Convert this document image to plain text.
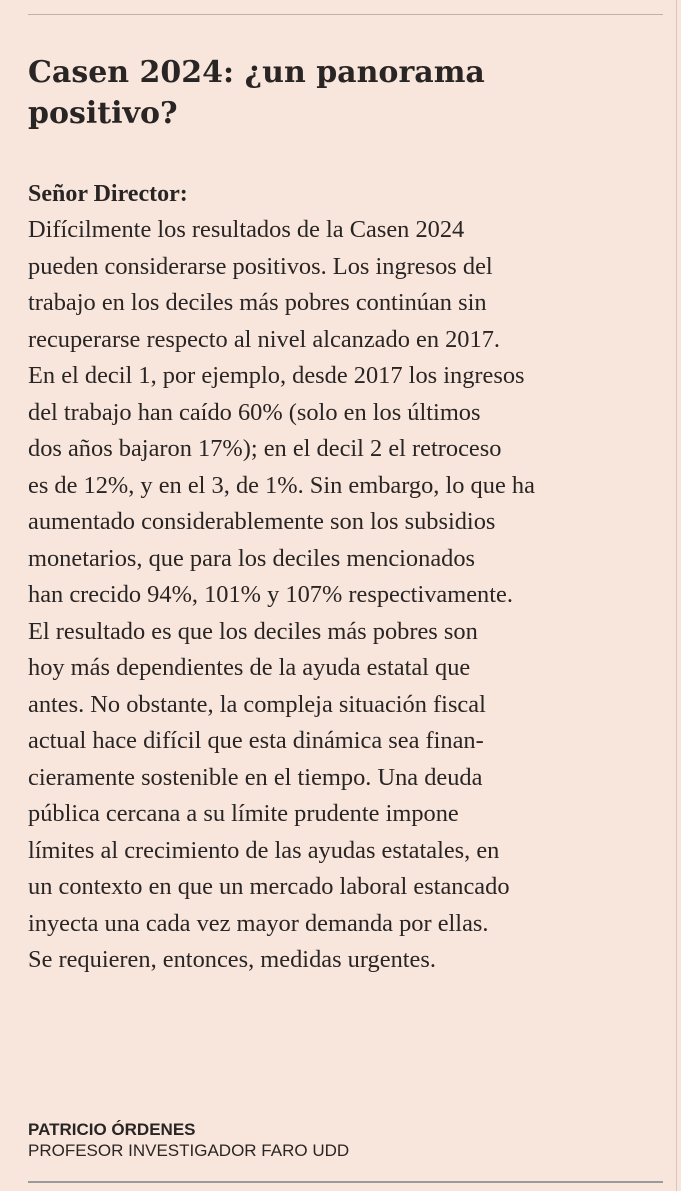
Casen 2024: ¿un panorama positivo?

Señor Director:

Difícilmente los resultados de la Casen 2024
pueden considerarse positivos. Los ingresos del
trabajo en los deciles más pobres continúan sin
recuperarse respecto al nivel alcanzado en 2017.
En el decil 1, por ejemplo, desde 2017 los ingresos
del trabajo han caído 60% (solo en los últimos
dos años bajaron 17%); en el decil 2 el retroceso
es de 12%, y en el 3, de 1%. Sin embargo, lo que ha
aumentado considerablemente son los subsidios
monetarios, que para los deciles mencionados
han crecido 94%, 101% y 107% respectivamente.
El resultado es que los deciles más pobres son
hoy más dependientes de la ayuda estatal que
antes. No obstante, la compleja situación fiscal
actual hace difícil que esta dinámica sea finan-
cieramente sostenible en el tiempo. Una deuda
pública cercana a su límite prudente impone
límites al crecimiento de las ayudas estatales, en
un contexto en que un mercado laboral estancado
inyecta una cada vez mayor demanda por ellas.
Se requieren, entonces, medidas urgentes.

PATRICIO ÓRDENES

PROFESOR INVESTIGADOR FARO UDD
